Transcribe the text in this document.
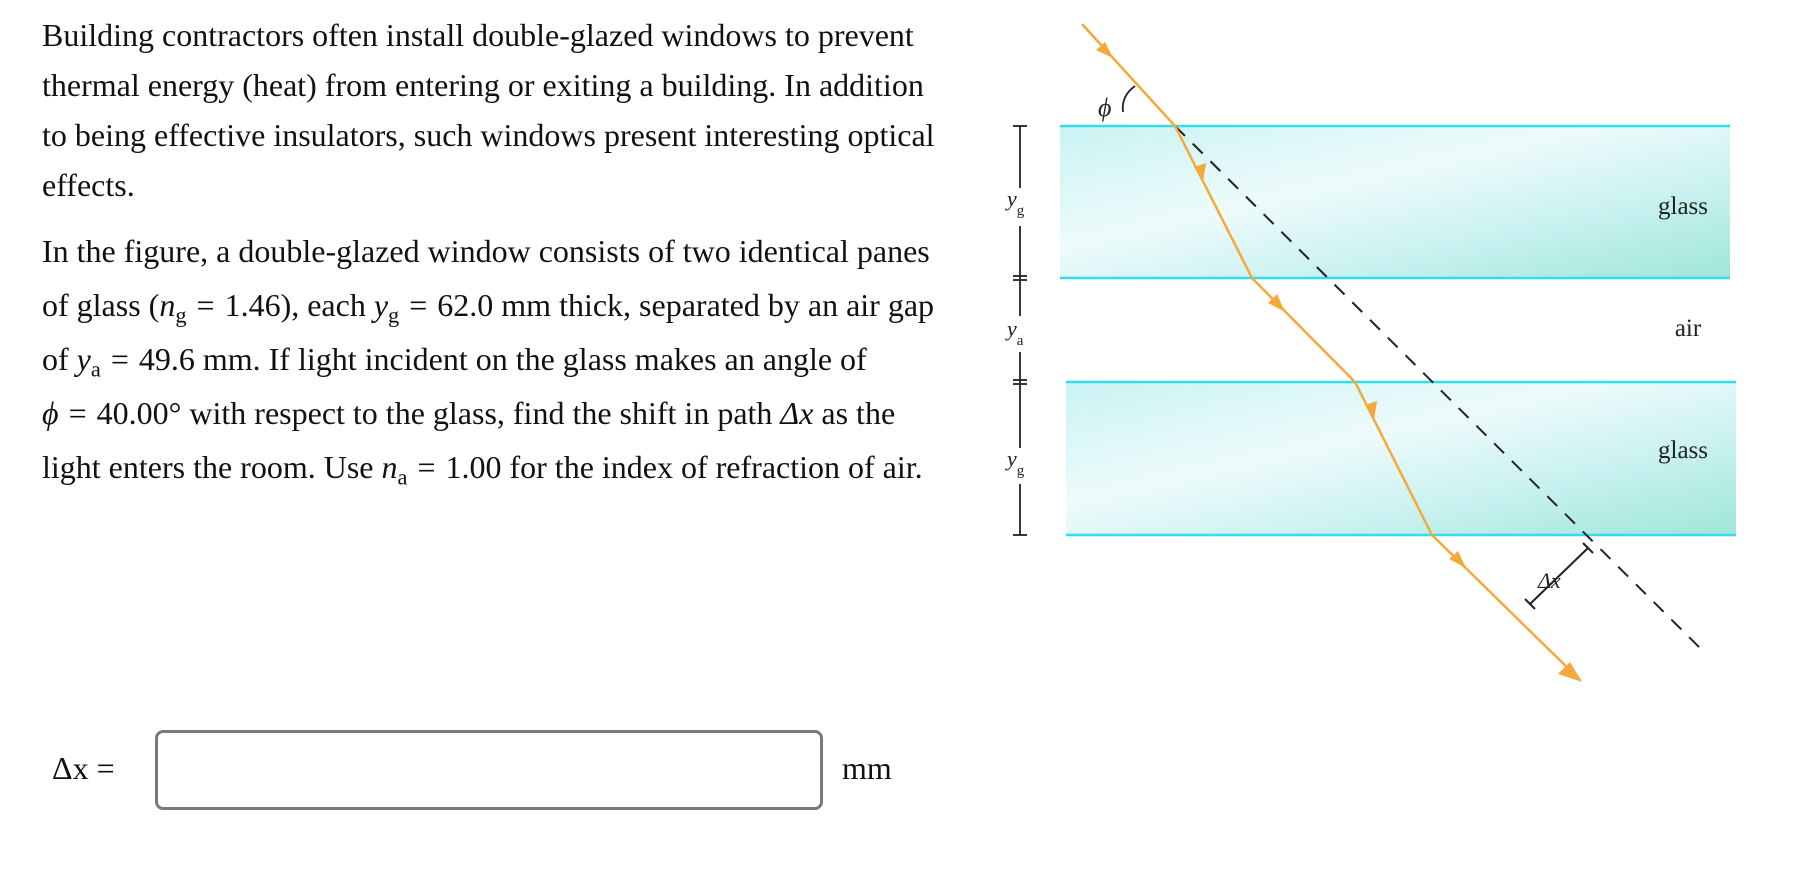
Building contractors often install double-glazed windows to prevent thermal energy (heat) from entering or exiting a building. In addition to being effective insulators, such windows present interesting optical effects.

In the figure, a double-glazed window consists of two identical panes of glass $(n_g = 1.46)$, each $y_g = 62.0$ mm thick, separated by an air gap of $y_a = 49.6$ mm. If light incident on the glass makes an angle of ϕ = 40.00° with respect to the glass, find the shift in path Δx as the light enters the room. Use $n_a = 1.00$ for the index of refraction of air.

Δx =	mm
glass
air
glass
$y_g$
$y_a$
$y_g$
ϕ
Δx
